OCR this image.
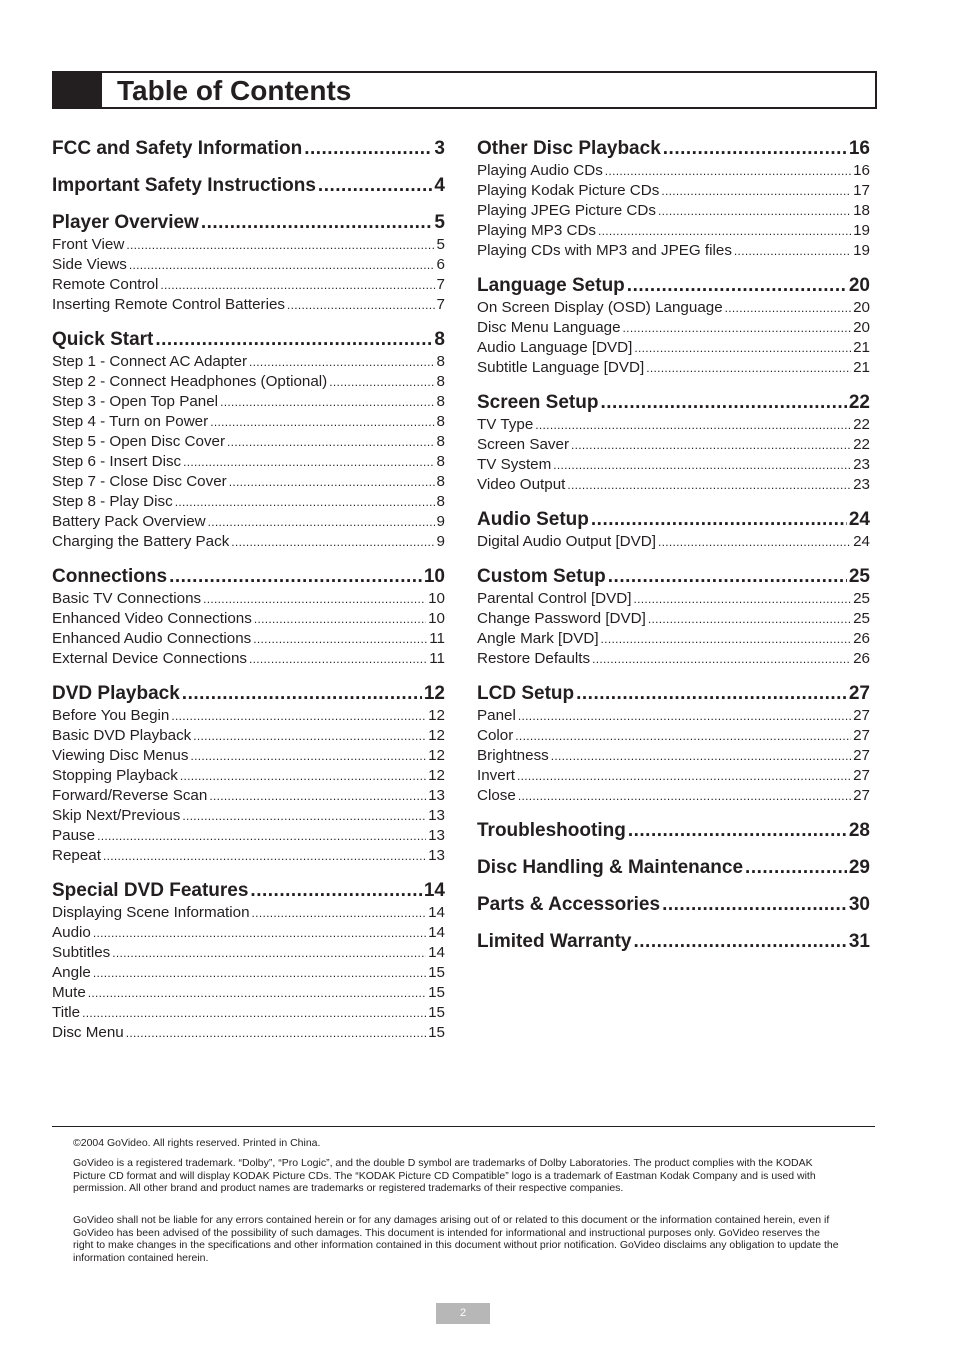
Table of Contents
FCC and Safety Information .....	3
Important Safety Instructions .....	4
Player Overview .....	5
Front View .....	5
Side Views .....	6
Remote Control .....	7
Inserting Remote Control Batteries .....	7
Quick Start .....	8
Step 1 - Connect AC Adapter .....	8
Step 2 - Connect Headphones (Optional) .....	8
Step 3 - Open Top Panel .....	8
Step 4 - Turn on Power .....	8
Step 5 - Open Disc Cover .....	8
Step 6 - Insert Disc .....	8
Step 7 - Close Disc Cover .....	8
Step 8 - Play Disc .....	8
Battery Pack Overview .....	9
Charging the Battery Pack .....	9
Connections .....	10
Basic TV Connections .....	10
Enhanced Video Connections .....	10
Enhanced Audio Connections .....	11
External Device Connections .....	11
DVD Playback .....	12
Before You Begin .....	12
Basic DVD Playback .....	12
Viewing Disc Menus .....	12
Stopping Playback .....	12
Forward/Reverse Scan .....	13
Skip Next/Previous .....	13
Pause .....	13
Repeat .....	13
Special DVD Features .....	14
Displaying Scene Information .....	14
Audio .....	14
Subtitles .....	14
Angle .....	15
Mute .....	15
Title .....	15
Disc Menu .....	15
Other Disc Playback .....	16
Playing Audio CDs .....	16
Playing Kodak Picture CDs .....	17
Playing JPEG Picture CDs .....	18
Playing MP3 CDs .....	19
Playing CDs with MP3 and JPEG files .....	19
Language Setup .....	20
On Screen Display (OSD) Language .....	20
Disc Menu Language .....	20
Audio Language [DVD] .....	21
Subtitle Language [DVD] .....	21
Screen Setup .....	22
TV Type .....	22
Screen Saver .....	22
TV System .....	23
Video Output .....	23
Audio Setup .....	24
Digital Audio Output [DVD] .....	24
Custom Setup .....	25
Parental Control [DVD] .....	25
Change Password [DVD] .....	25
Angle Mark [DVD] .....	26
Restore Defaults .....	26
LCD Setup .....	27
Panel .....	27
Color .....	27
Brightness .....	27
Invert .....	27
Close .....	27
Troubleshooting .....	28
Disc Handling & Maintenance .....	29
Parts & Accessories .....	30
Limited Warranty .....	31

©2004 GoVideo. All rights reserved. Printed in China.

GoVideo is a registered trademark. “Dolby”, “Pro Logic”, and the double D symbol are trademarks of Dolby Laboratories. The product complies with the KODAK Picture CD format and will display KODAK Picture CDs. The “KODAK Picture CD Compatible” logo is a trademark of Eastman Kodak Company and is used with permission. All other brand and product names are trademarks or registered trademarks of their respective companies.

GoVideo shall not be liable for any errors contained herein or for any damages arising out of or related to this document or the information contained herein, even if GoVideo has been advised of the possibility of such damages. This document is intended for informational and instructional purposes only. GoVideo reserves the right to make changes in the specifications and other information contained in this document without prior notification. GoVideo disclaims any obligation to update the information contained herein.

2
